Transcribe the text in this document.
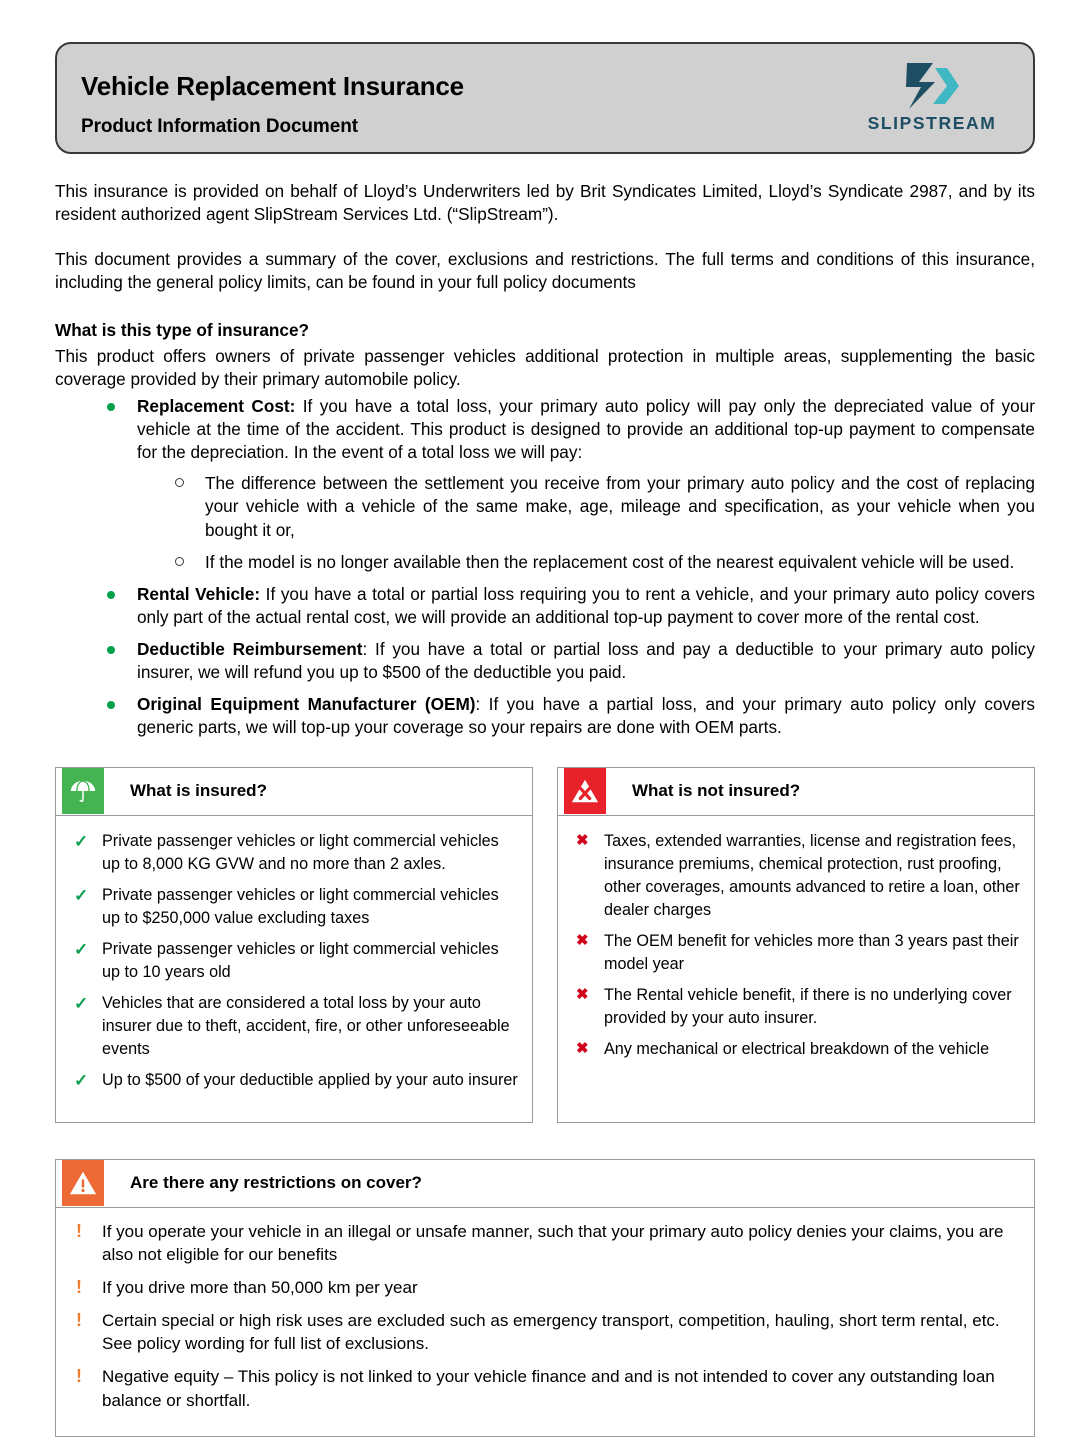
Vehicle Replacement Insurance
Product Information Document	SLIPSTREAM

This insurance is provided on behalf of Lloyd’s Underwriters led by Brit Syndicates Limited, Lloyd’s Syndicate 2987, and by its resident authorized agent SlipStream Services Ltd. (“SlipStream”).

This document provides a summary of the cover, exclusions and restrictions. The full terms and conditions of this insurance, including the general policy limits, can be found in your full policy documents

What is this type of insurance?

This product offers owners of private passenger vehicles additional protection in multiple areas, supplementing the basic coverage provided by their primary automobile policy.

Replacement Cost: If you have a total loss, your primary auto policy will pay only the depreciated value of your vehicle at the time of the accident. This product is designed to provide an additional top-up payment to compensate for the depreciation. In the event of a total loss we will pay:
The difference between the settlement you receive from your primary auto policy and the cost of replacing your vehicle with a vehicle of the same make, age, mileage and specification, as your vehicle when you bought it or,
If the model is no longer available then the replacement cost of the nearest equivalent vehicle will be used.
Rental Vehicle: If you have a total or partial loss requiring you to rent a vehicle, and your primary auto policy covers only part of the actual rental cost, we will provide an additional top-up payment to cover more of the rental cost.
Deductible Reimbursement: If you have a total or partial loss and pay a deductible to your primary auto policy insurer, we will refund you up to $500 of the deductible you paid.
Original Equipment Manufacturer (OEM): If you have a partial loss, and your primary auto policy only covers generic parts, we will top-up your coverage so your repairs are done with OEM parts.
What is insured?
✓ Private passenger vehicles or light commercial vehicles up to 8,000 KG GVW and no more than 2 axles.
✓ Private passenger vehicles or light commercial vehicles up to $250,000 value excluding taxes
✓ Private passenger vehicles or light commercial vehicles up to 10 years old
✓ Vehicles that are considered a total loss by your auto insurer due to theft, accident, fire, or other unforeseeable events
✓ Up to $500 of your deductible applied by your auto insurer
What is not insured?
✖ Taxes, extended warranties, license and registration fees, insurance premiums, chemical protection, rust proofing, other coverages, amounts advanced to retire a loan, other dealer charges
✖ The OEM benefit for vehicles more than 3 years past their model year
✖ The Rental vehicle benefit, if there is no underlying cover provided by your auto insurer.
✖ Any mechanical or electrical breakdown of the vehicle
Are there any restrictions on cover?
! If you operate your vehicle in an illegal or unsafe manner, such that your primary auto policy denies your claims, you are also not eligible for our benefits
! If you drive more than 50,000 km per year
! Certain special or high risk uses are excluded such as emergency transport, competition, hauling, short term rental, etc. See policy wording for full list of exclusions.
! Negative equity – This policy is not linked to your vehicle finance and and is not intended to cover any outstanding loan balance or shortfall.
